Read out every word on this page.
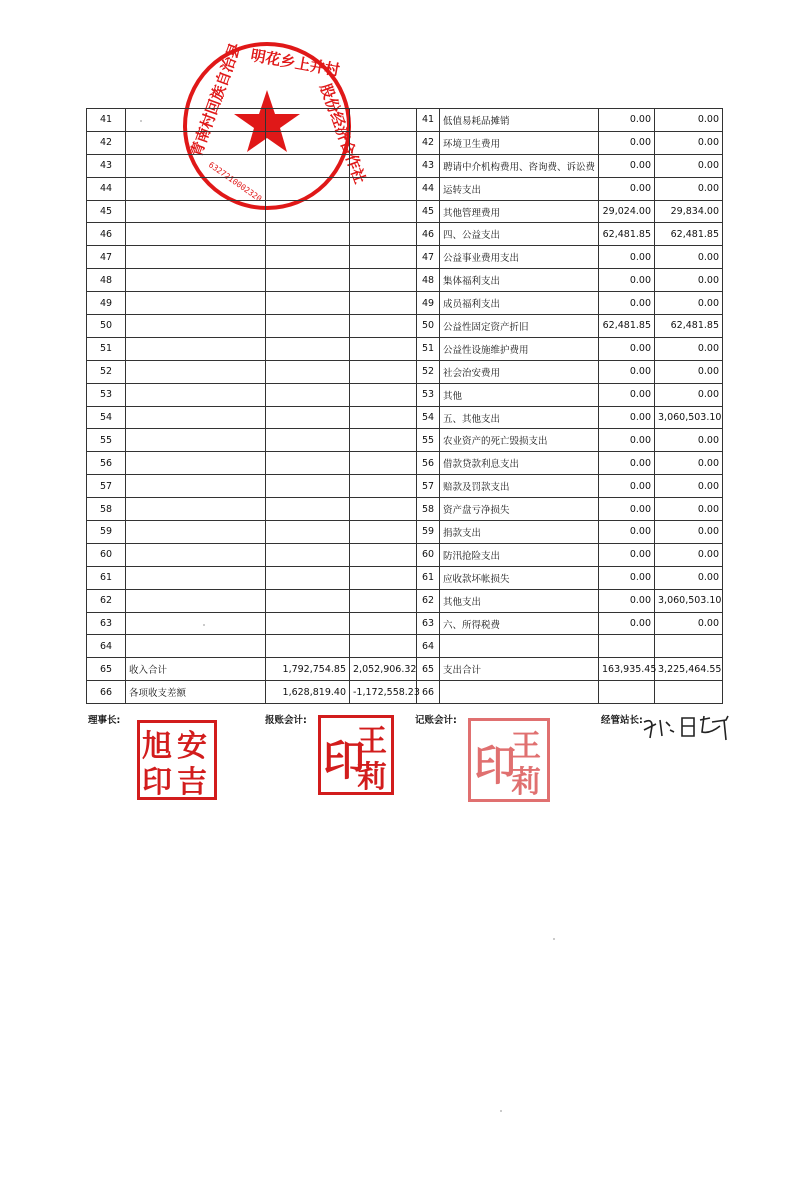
青南村回族自治县 明花乡上井村
股份经济合作社
6327210002320
41				41	低值易耗品摊销	0.00	0.00
42				42	环境卫生费用	0.00	0.00
43				43	聘请中介机构费用、咨询费、诉讼费	0.00	0.00
44				44	运转支出	0.00	0.00
45				45	其他管理费用	29,024.00	29,834.00
46				46	四、公益支出	62,481.85	62,481.85
47				47	公益事业费用支出	0.00	0.00
48				48	集体福利支出	0.00	0.00
49				49	成员福利支出	0.00	0.00
50				50	公益性固定资产折旧	62,481.85	62,481.85
51				51	公益性设施维护费用	0.00	0.00
52				52	社会治安费用	0.00	0.00
53				53	其他	0.00	0.00
54				54	五、其他支出	0.00	3,060,503.10
55				55	农业资产的死亡毁损支出	0.00	0.00
56				56	借款贷款利息支出	0.00	0.00
57				57	赔款及罚款支出	0.00	0.00
58				58	资产盘亏净损失	0.00	0.00
59				59	捐款支出	0.00	0.00
60				60	防汛抢险支出	0.00	0.00
61				61	应收款坏帐损失	0.00	0.00
62				62	其他支出	0.00	3,060,503.10
63				63	六、所得税费	0.00	0.00
64				64			
65	收入合计	1,792,754.85	2,052,906.32	65	支出合计	163,935.45	3,225,464.55
66	各项收支差额	1,628,819.40	-1,172,558.23	66			
理事长:	报账会计:	记账会计:	经管站长:
安
吉
旭
印
王
莉
印	王
莉
印
